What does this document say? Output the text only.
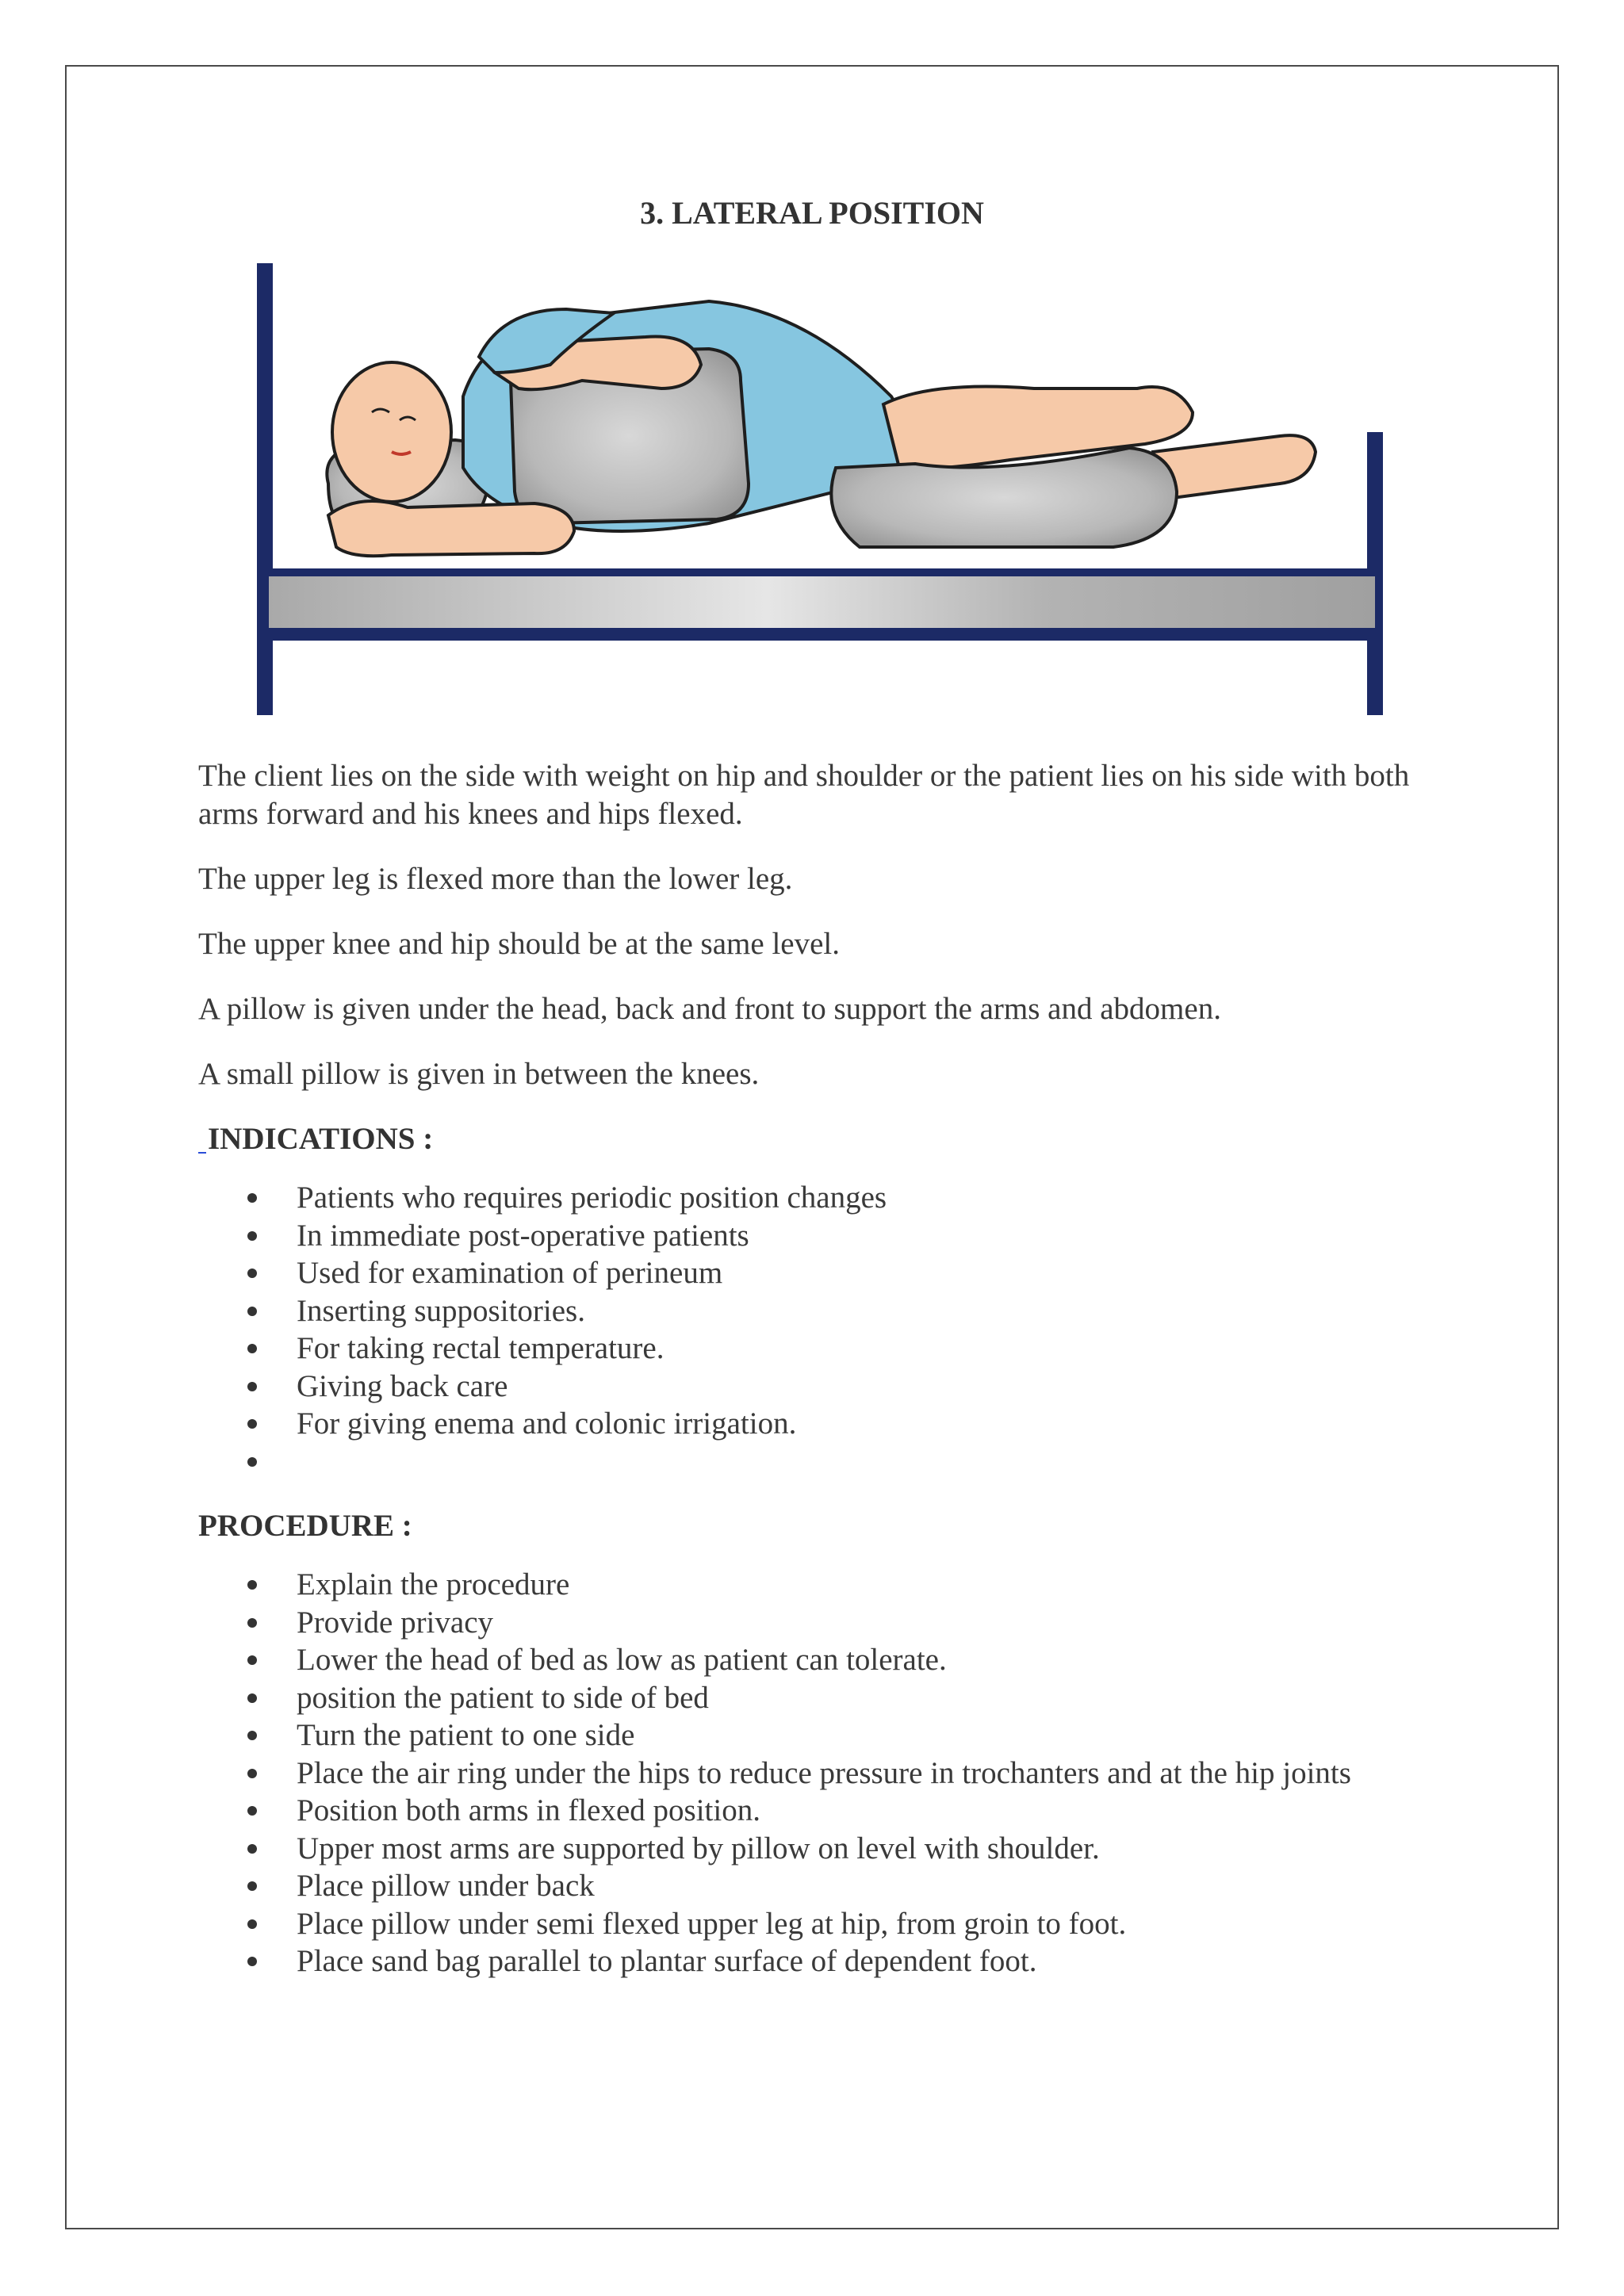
3. LATERAL POSITION

The client lies on the side with weight on hip and shoulder or the patient lies on his side with both arms forward and his knees and hips flexed.

The upper leg is flexed more than the lower leg.

The upper knee and hip should be at the same level.

A pillow is given under the head, back and front to support the arms and abdomen.

A small pillow is given in between the knees.

INDICATIONS :
Patients who requires periodic position changes
In immediate post-operative patients
Used for examination of perineum
Inserting suppositories.
For taking rectal temperature.
Giving back care
For giving enema and colonic irrigation.
PROCEDURE :
Explain the procedure
Provide privacy
Lower the head of bed as low as patient can tolerate.
position the patient to side of bed
Turn the patient to one side
Place the air ring under the hips to reduce pressure in trochanters and at the hip joints
Position both arms in flexed position.
Upper most arms are supported by pillow on level with shoulder.
Place pillow under back
Place pillow under semi flexed upper leg at hip, from groin to foot.
Place sand bag parallel to plantar surface of dependent foot.
